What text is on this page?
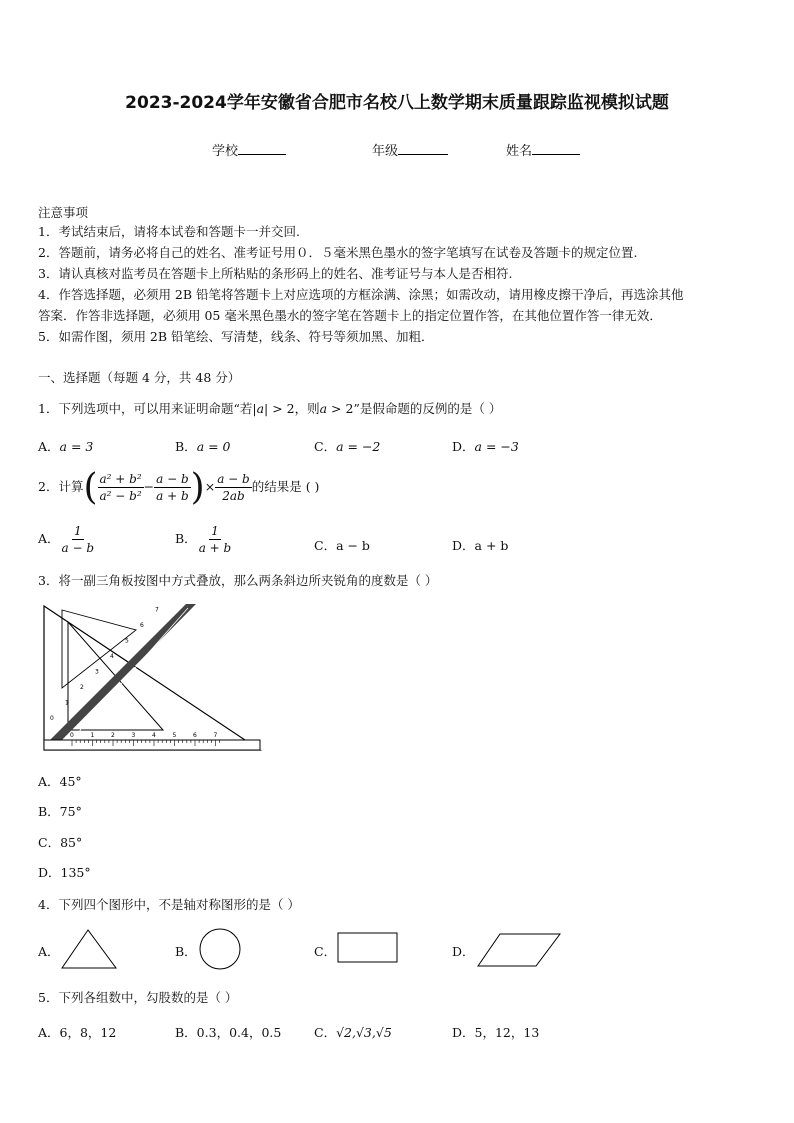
2023-2024学年安徽省合肥市名校八上数学期末质量跟踪监视模拟试题
学校	年级	姓名
注意事项
1．考试结束后，请将本试卷和答题卡一并交回.
2．答题前，请务必将自己的姓名、准考证号用０．５毫米黑色墨水的签字笔填写在试卷及答题卡的规定位置.
3．请认真核对监考员在答题卡上所粘贴的条形码上的姓名、准考证号与本人是否相符.
4．作答选择题，必须用 2B 铅笔将答题卡上对应选项的方框涂满、涂黑；如需改动，请用橡皮擦干净后，再选涂其他
答案．作答非选择题，必须用 05 毫米黑色墨水的签字笔在答题卡上的指定位置作答，在其他位置作答一律无效．
5．如需作图，须用 2B 铅笔绘、写清楚，线条、符号等须加黑、加粗．
一、选择题（每题 4 分，共 48 分）
1．下列选项中，可以用来证明命题“若|a| > 2，则a > 2”是假命题的反例的是（ ）
A．a = 3	B．a = 0	C．a = −2	D．a = −3
2．计算( $\frac{\text{a² + b²}}{\text{a² − b²}} - \frac{a - b}{a + b}$ )× $\frac{a - b}{2ab}$ 的结果是 ( )
A． $\frac{1}{a - b}$	B． $\frac{1}{a + b}$	C．a − b	D．a + b
3．将一副三角板按图中方式叠放，那么两条斜边所夹锐角的度数是（ ）
0	1	2	3	4	5	6	7
0
1
2
3
4
5
6
7
A．45°
B．75°
C．85°
D．135°
4．下列四个图形中，不是轴对称图形的是（ ）
A．	B．	C．	D．
5．下列各组数中，勾股数的是（ ）
A．6，8，12	B．0.3，0.4，0.5	C．√2,√3,√5	D．5，12，13
